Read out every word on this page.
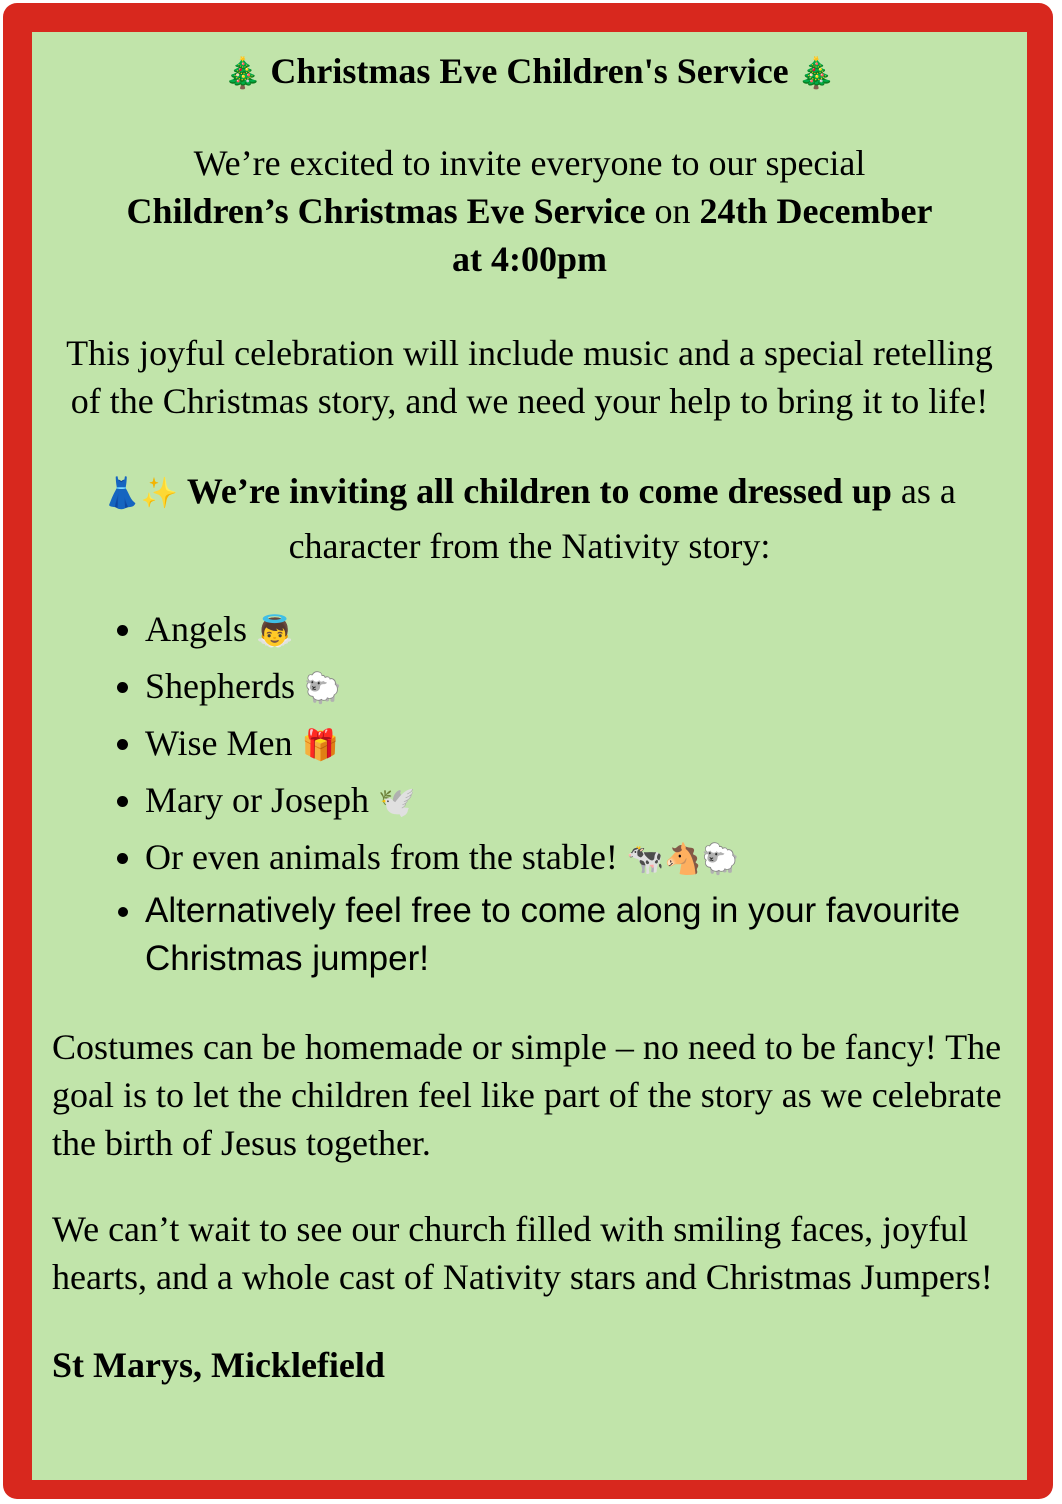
🎄 Christmas Eve Children's Service 🎄

We’re excited to invite everyone to our special
Children’s Christmas Eve Service on 24th December
at 4:00pm

This joyful celebration will include music and a special retelling of the Christmas story, and we need your help to bring it to life!

👗✨ We’re inviting all children to come dressed up as a character from the Nativity story:

• Angels 👼
• Shepherds 🐑
• Wise Men 🎁
• Mary or Joseph 🕊️
• Or even animals from the stable! 🐄🐴🐑
• Alternatively feel free to come along in your favourite Christmas jumper!

Costumes can be homemade or simple – no need to be fancy! The goal is to let the children feel like part of the story as we celebrate the birth of Jesus together.

We can’t wait to see our church filled with smiling faces, joyful hearts, and a whole cast of Nativity stars and Christmas Jumpers!

St Marys, Micklefield
